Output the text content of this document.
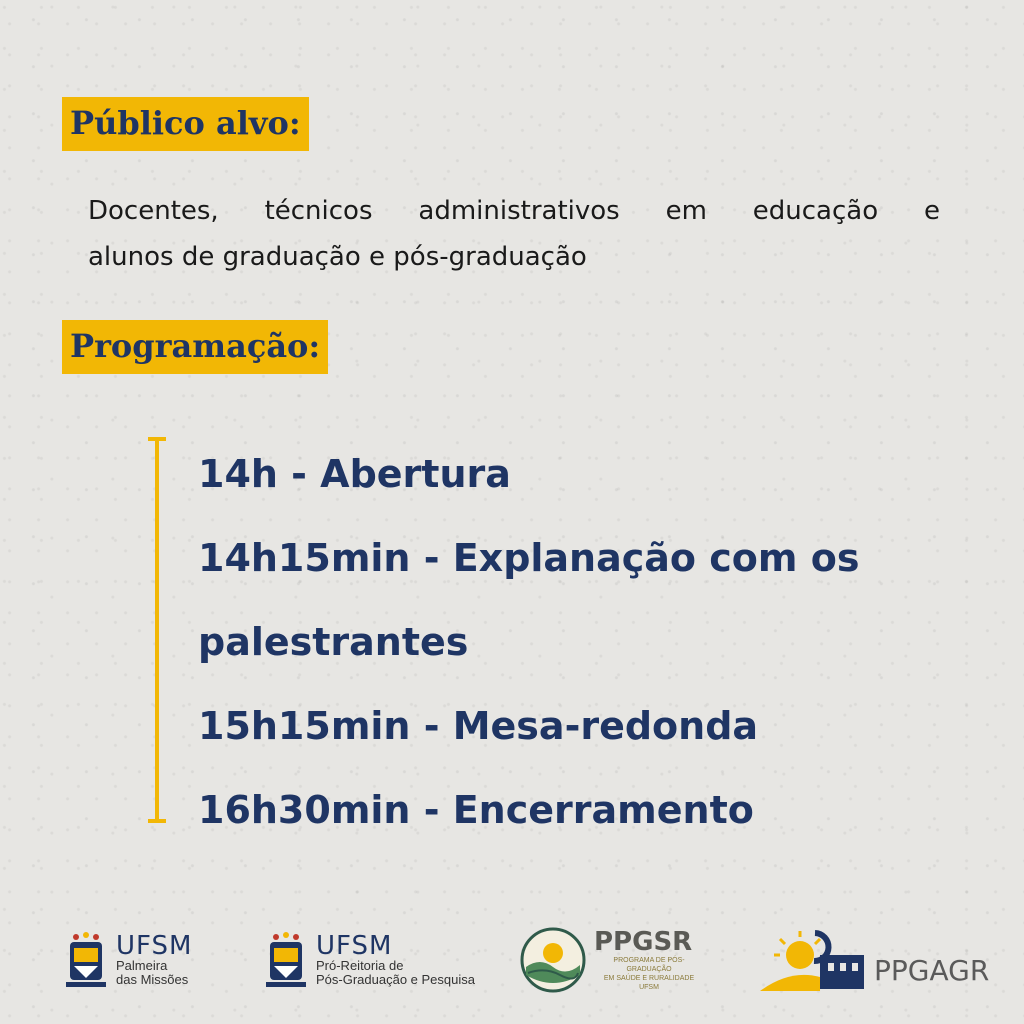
Público alvo:
Docentes, técnicos administrativos em educação e
alunos de graduação e pós-graduação
Programação:
14h - Abertura
14h15min - Explanação com os
palestrantes
15h15min - Mesa-redonda
16h30min - Encerramento
UFSM
Palmeira
das Missões
UFSM
Pró-Reitoria de
Pós-Graduação e Pesquisa
PPGSR
PROGRAMA DE PÓS-GRADUAÇÃO
EM SAÚDE E RURALIDADE
UFSM
PPGAGR
